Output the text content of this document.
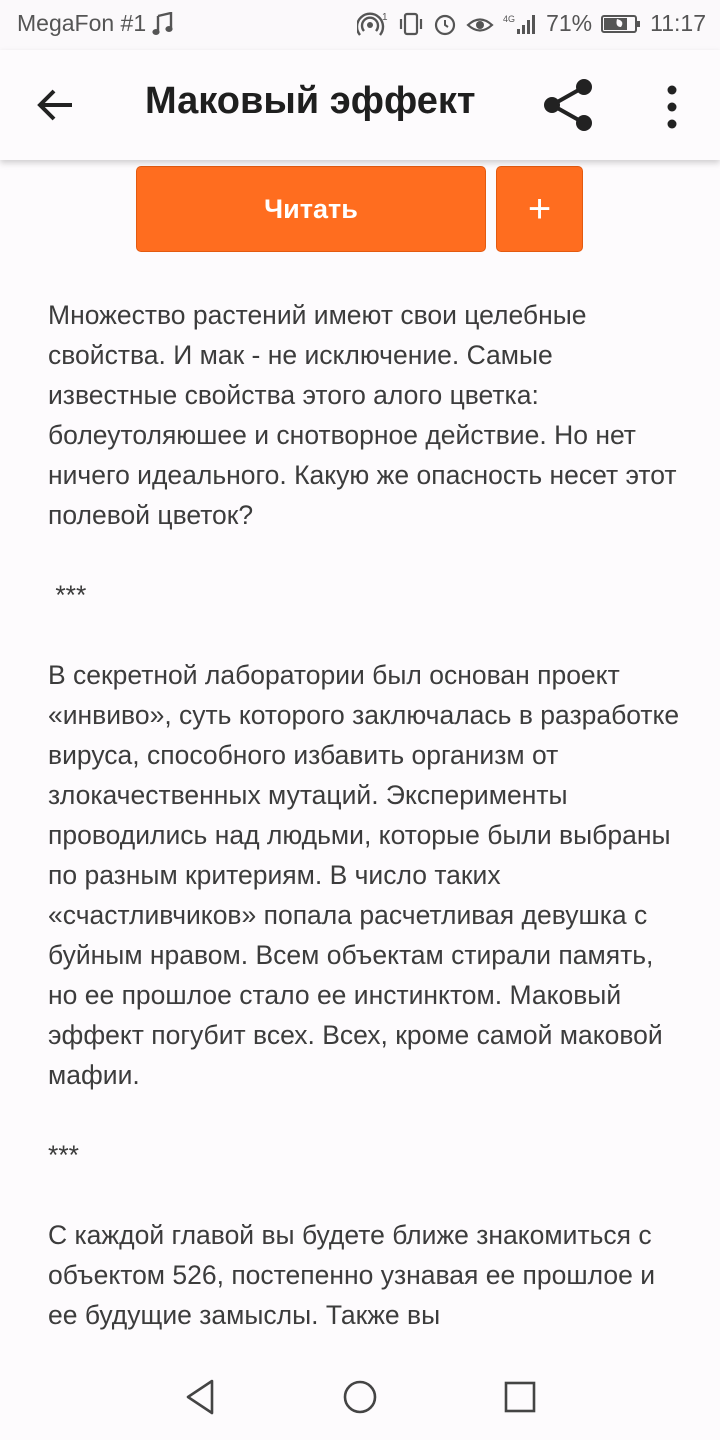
MegaFon #1	1	4G 71%	11:17
Маковый эффект
Читать	+

Множество растений имеют свои целебные свойства. И мак - не исключение. Самые известные свойства этого алого цветка: болеутоляюшее и снотворное действие. Но нет ничего идеального. Какую же опасность несет этот полевой цветок?

***

В секретной лаборатории был основан проект «инвиво», суть которого заключалась в разработке вируса, способного избавить организм от злокачественных мутаций. Эксперименты проводились над людьми, которые были выбраны по разным критериям. В число таких «счастливчиков» попала расчетливая девушка с буйным нравом. Всем объектам стирали память, но ее прошлое стало ее инстинктом. Маковый эффект погубит всех. Всех, кроме самой маковой мафии.

***

С каждой главой вы будете ближе знакомиться с объектом 526, постепенно узнавая ее прошлое и ее будущие замыслы. Также вы
